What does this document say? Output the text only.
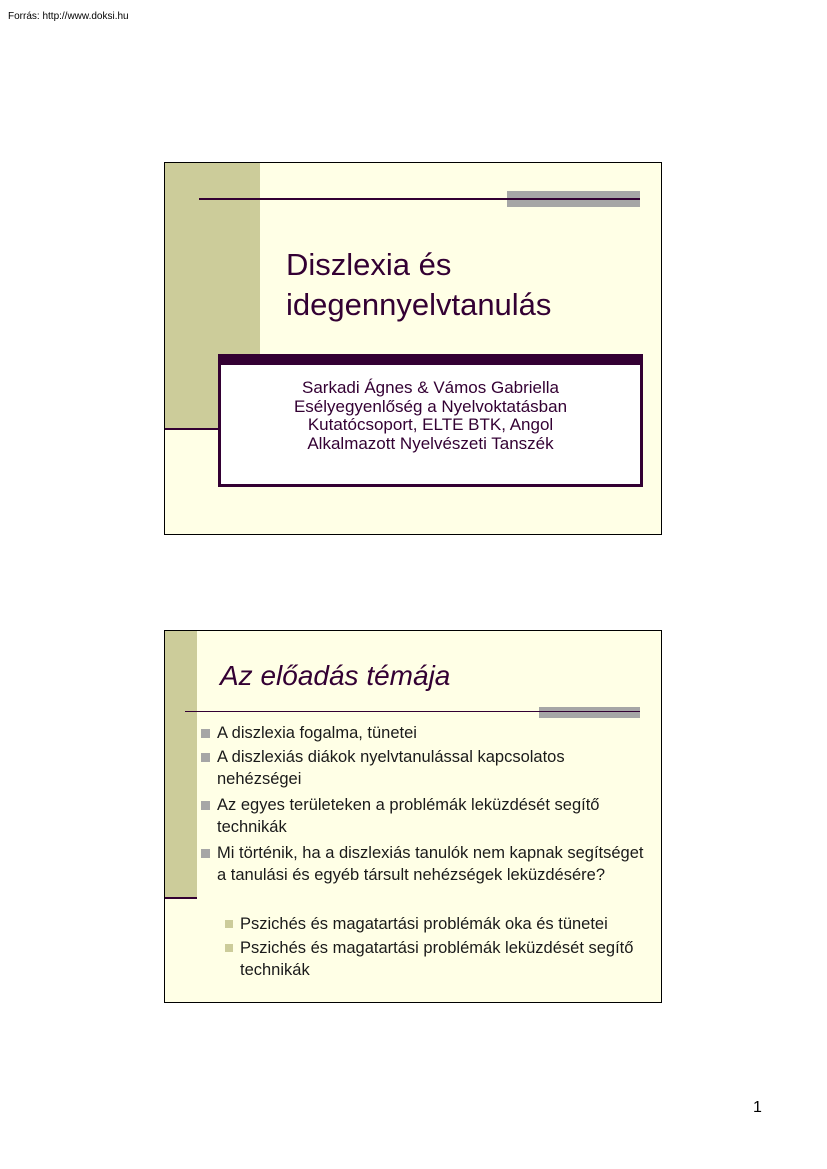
Forrás: http://www.doksi.hu
Diszlexia és
idegennyelvtanulás
Sarkadi Ágnes & Vámos Gabriella
Esélyegyenlőség a Nyelvoktatásban
Kutatócsoport, ELTE BTK, Angol
Alkalmazott Nyelvészeti Tanszék
Az előadás témája
A diszlexia fogalma, tünetei
A diszlexiás diákok nyelvtanulással kapcsolatos nehézségei
Az egyes területeken a problémák leküzdését segítő technikák
Mi történik, ha a diszlexiás tanulók nem kapnak segítséget a tanulási és egyéb társult nehézségek leküzdésére?
Pszichés és magatartási problémák oka és tünetei
Pszichés és magatartási problémák leküzdését segítő technikák
1
